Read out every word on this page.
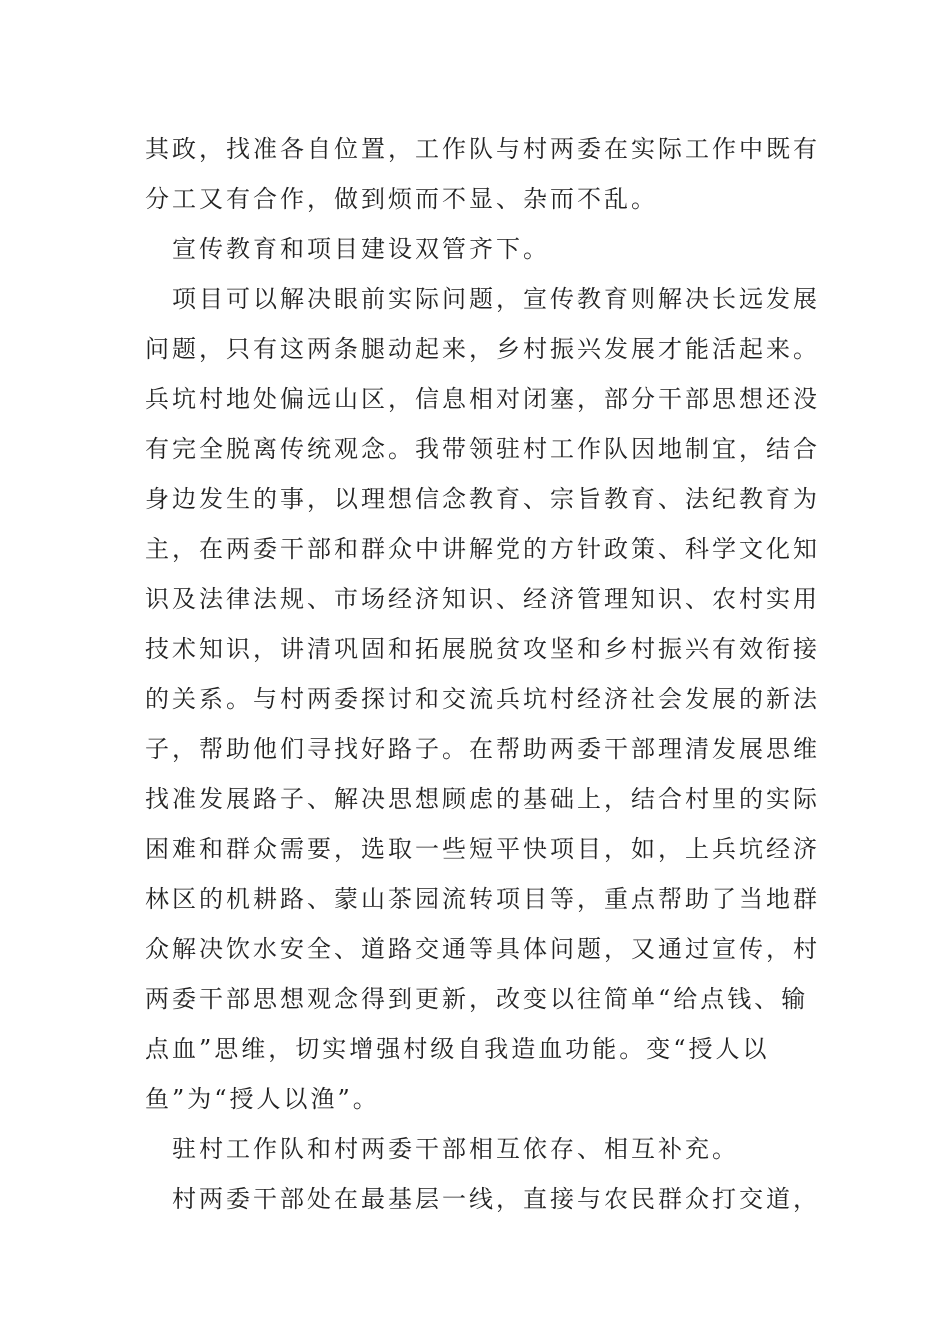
其政，找准各自位置，工作队与村两委在实际工作中既有
分工又有合作，做到烦而不显、杂而不乱。
宣传教育和项目建设双管齐下。
项目可以解决眼前实际问题，宣传教育则解决长远发展
问题，只有这两条腿动起来，乡村振兴发展才能活起来。
兵坑村地处偏远山区，信息相对闭塞，部分干部思想还没
有完全脱离传统观念。我带领驻村工作队因地制宜，结合
身边发生的事，以理想信念教育、宗旨教育、法纪教育为
主，在两委干部和群众中讲解党的方针政策、科学文化知
识及法律法规、市场经济知识、经济管理知识、农村实用
技术知识，讲清巩固和拓展脱贫攻坚和乡村振兴有效衔接
的关系。与村两委探讨和交流兵坑村经济社会发展的新法
子，帮助他们寻找好路子。在帮助两委干部理清发展思维
找准发展路子、解决思想顾虑的基础上，结合村里的实际
困难和群众需要，选取一些短平快项目，如，上兵坑经济
林区的机耕路、蒙山茶园流转项目等，重点帮助了当地群
众解决饮水安全、道路交通等具体问题，又通过宣传，村
两委干部思想观念得到更新，改变以往简单“给点钱、输
点血”思维，切实增强村级自我造血功能。变“授人以
鱼”为“授人以渔”。
驻村工作队和村两委干部相互依存、相互补充。
村两委干部处在最基层一线，直接与农民群众打交道，
